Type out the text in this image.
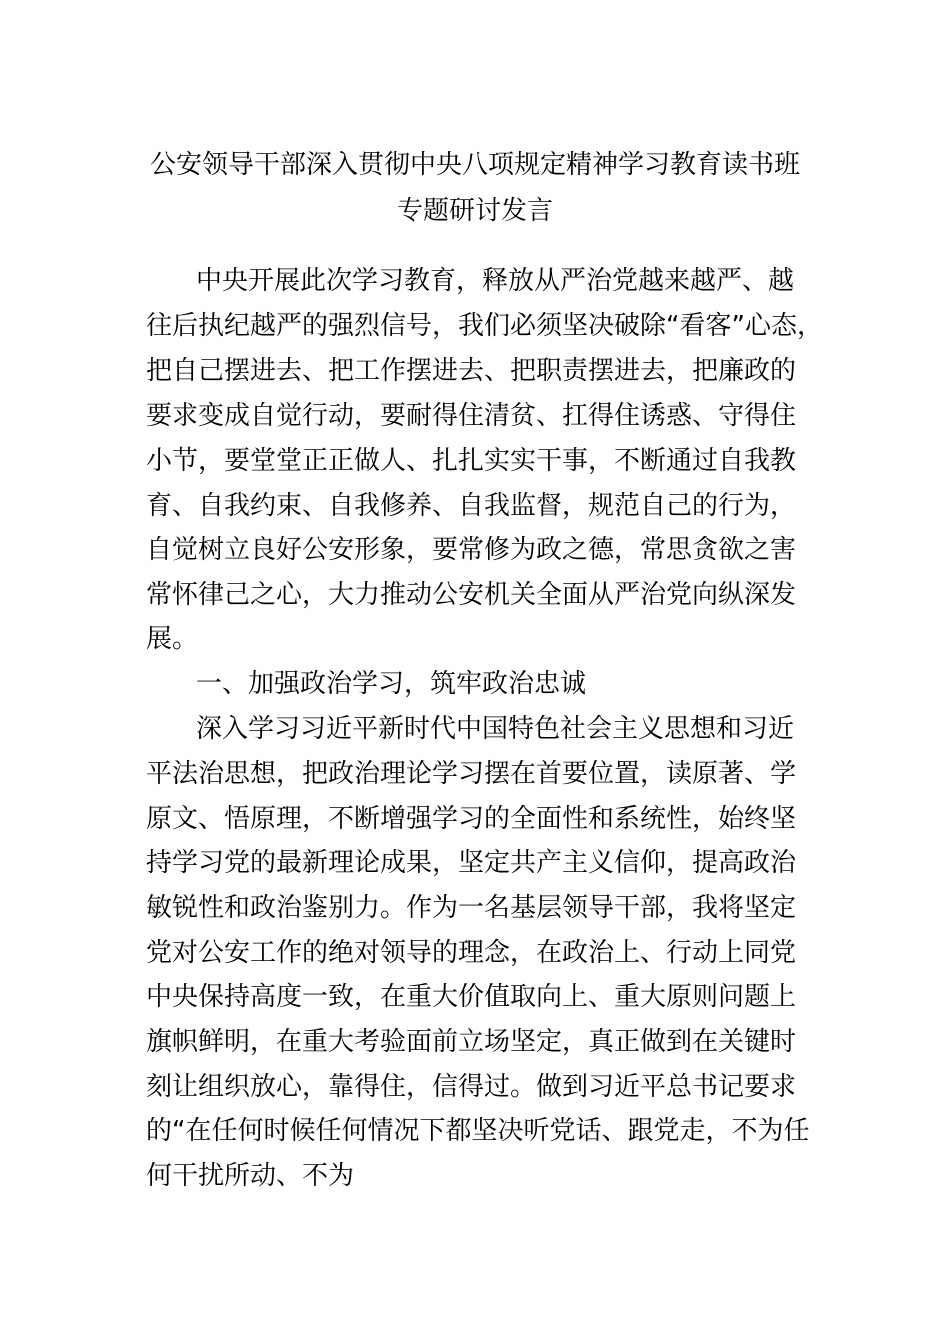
公安领导干部深入贯彻中央八项规定精神学习教育读书班
专题研讨发言
中央开展此次学习教育，释放从严治党越来越严、越
往后执纪越严的强烈信号，我们必须坚决破除“看客”心态，
把自己摆进去、把工作摆进去、把职责摆进去，把廉政的
要求变成自觉行动，要耐得住清贫、扛得住诱惑、守得住
小节，要堂堂正正做人、扎扎实实干事，不断通过自我教
育、自我约束、自我修养、自我监督，规范自己的行为，
自觉树立良好公安形象，要常修为政之德，常思贪欲之害
常怀律己之心，大力推动公安机关全面从严治党向纵深发
展。
一、加强政治学习，筑牢政治忠诚
深入学习习近平新时代中国特色社会主义思想和习近
平法治思想，把政治理论学习摆在首要位置，读原著、学
原文、悟原理，不断增强学习的全面性和系统性，始终坚
持学习党的最新理论成果，坚定共产主义信仰，提高政治
敏锐性和政治鉴别力。作为一名基层领导干部，我将坚定
党对公安工作的绝对领导的理念，在政治上、行动上同党
中央保持高度一致，在重大价值取向上、重大原则问题上
旗帜鲜明，在重大考验面前立场坚定，真正做到在关键时
刻让组织放心，靠得住，信得过。做到习近平总书记要求
的“在任何时候任何情况下都坚决听党话、跟党走，不为任
何干扰所动、不为
